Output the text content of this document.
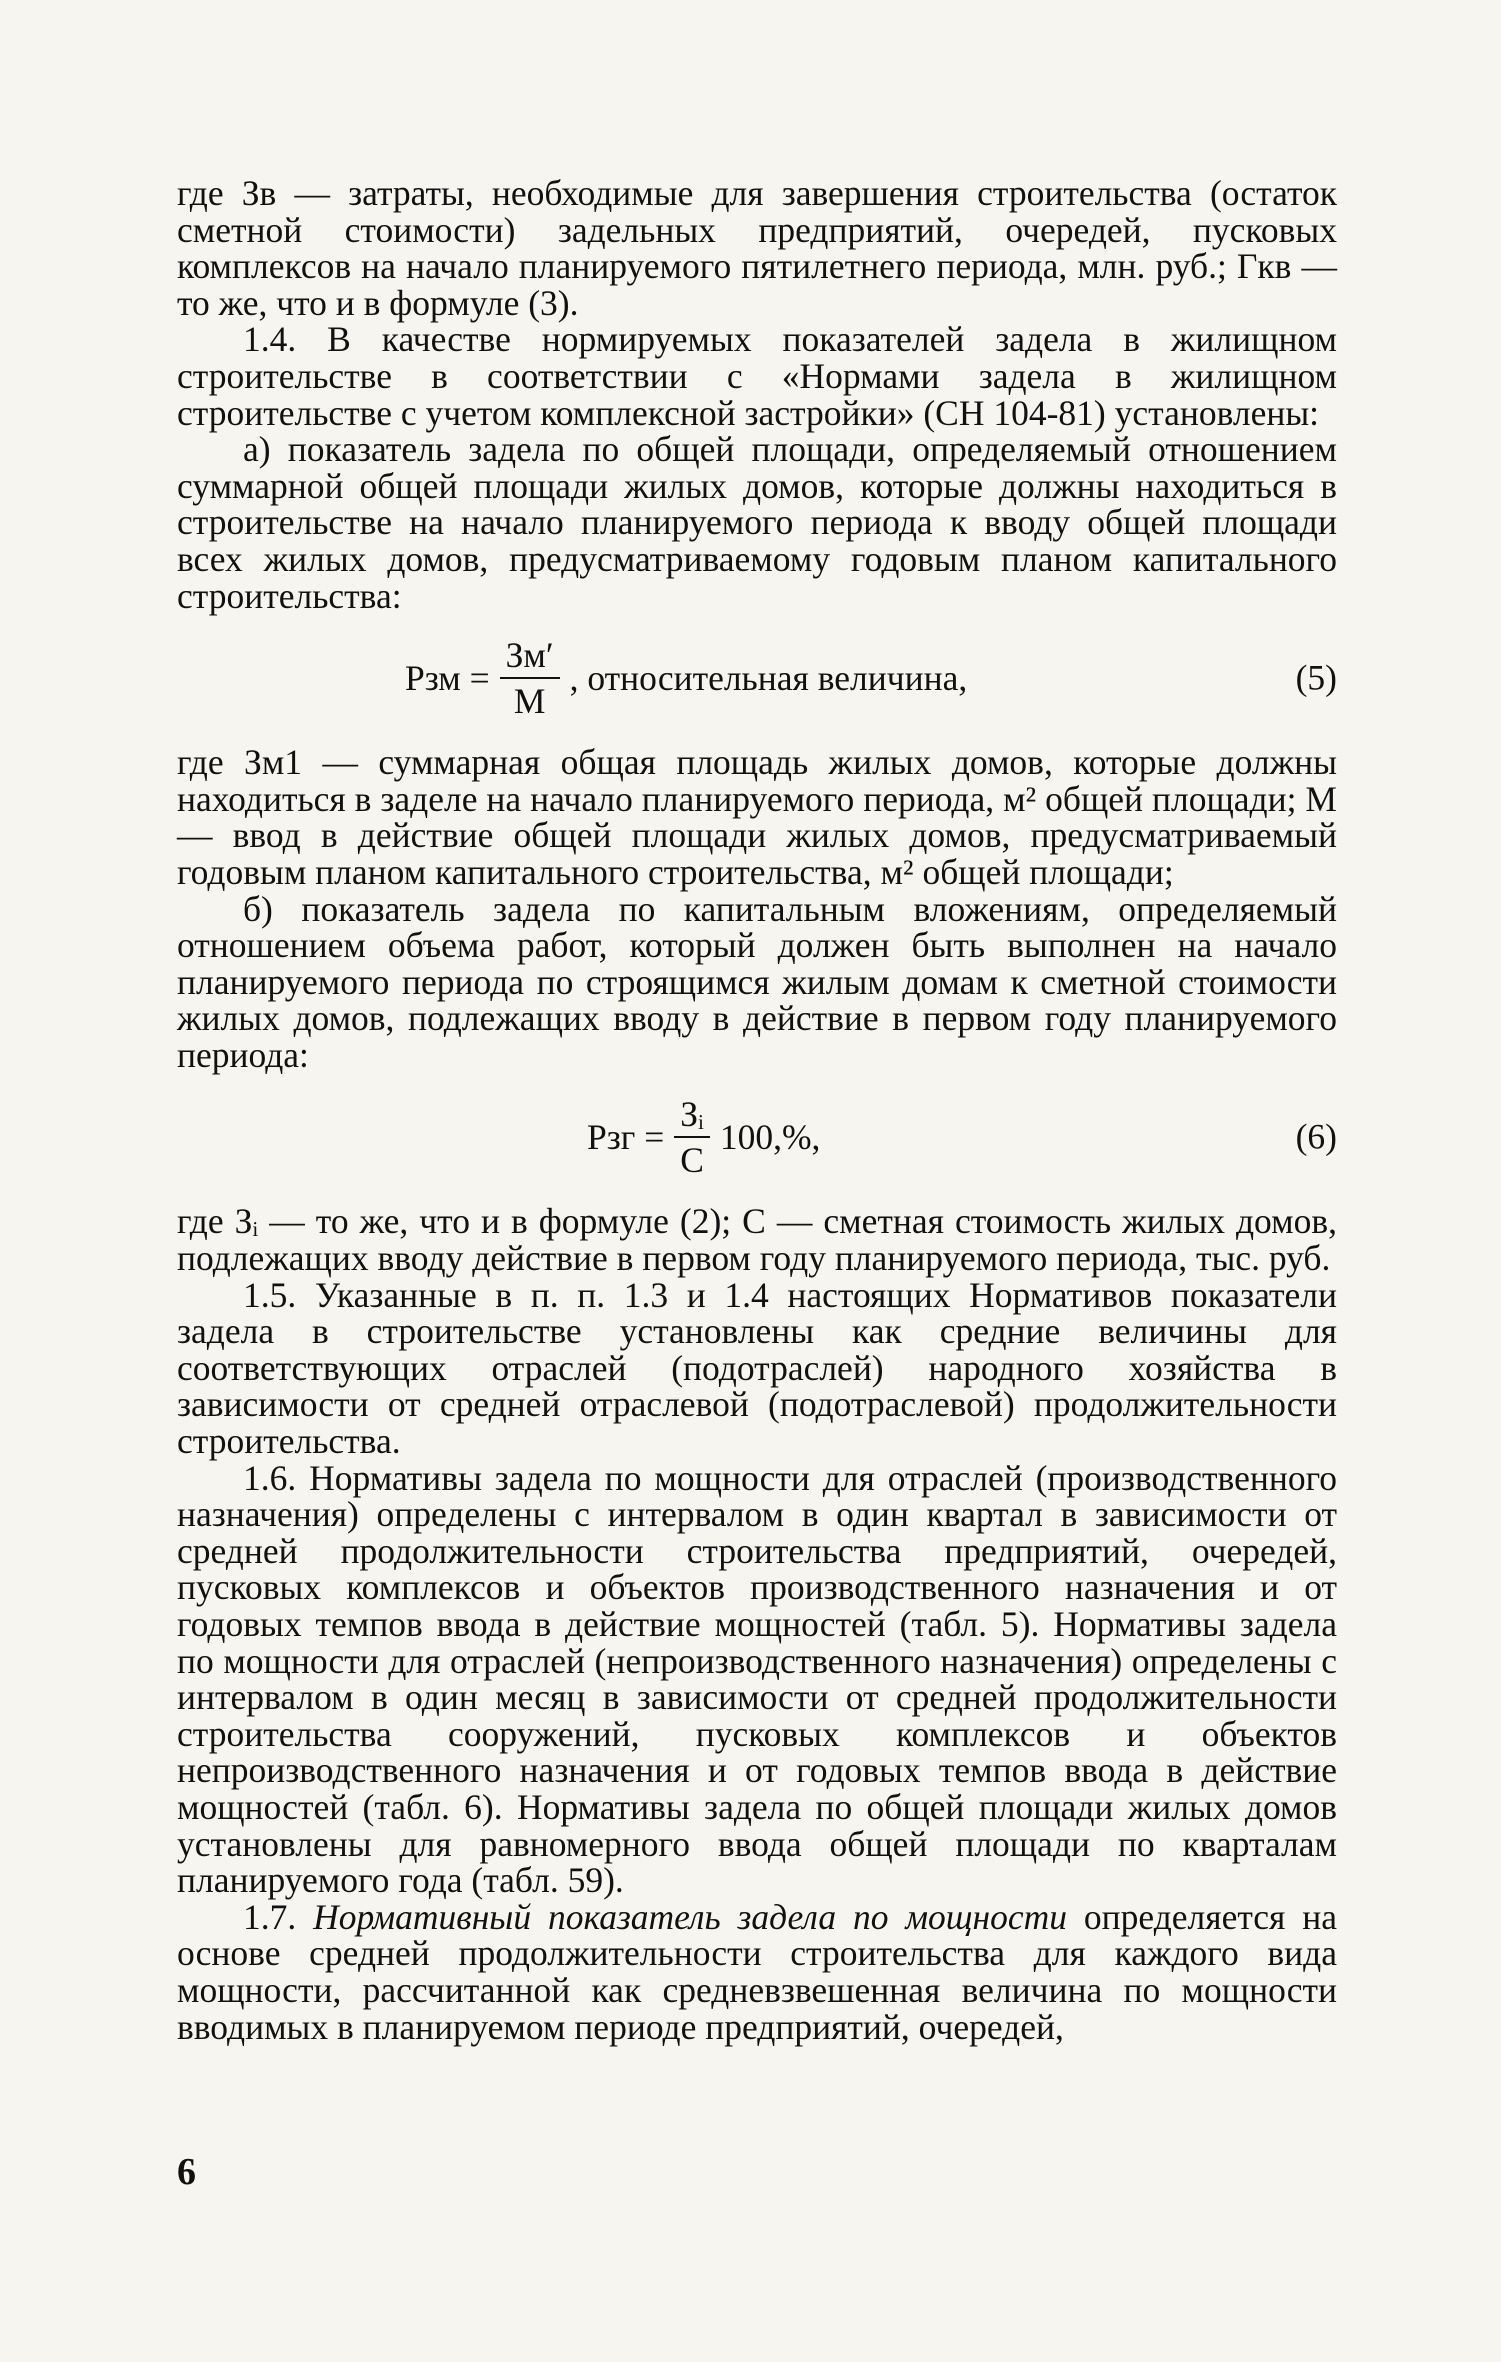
где Зв — затраты, необходимые для завершения строительства (остаток сметной стоимости) задельных предприятий, очередей, пусковых комплексов на начало планируемого пятилетнего периода, млн. руб.; Гкв — то же, что и в формуле (3).

1.4. В качестве нормируемых показателей задела в жилищном строительстве в соответствии с «Нормами задела в жилищном строительстве с учетом комплексной застройки» (СН 104-81) установлены:

а) показатель задела по общей площади, определяемый отношением суммарной общей площади жилых домов, которые должны находиться в строительстве на начало планируемого периода к вводу общей площади всех жилых домов, предусматриваемому годовым планом капитального строительства:

Pзм = $\frac{Зм'}{М}$ , относительная величина,	(5)

где Зм1 — суммарная общая площадь жилых домов, которые должны находиться в заделе на начало планируемого периода, м² общей площади; М — ввод в действие общей площади жилых домов, предусматриваемый годовым планом капитального строительства, м² общей площади;

б) показатель задела по капитальным вложениям, определяемый отношением объема работ, который должен быть выполнен на начало планируемого периода по строящимся жилым домам к сметной стоимости жилых домов, подлежащих вводу в действие в первом году планируемого периода:

Pзг = $\frac{\text{Зᵢ}}{С} 100,\%$,	(6)

где Зᵢ — то же, что и в формуле (2); С — сметная стоимость жилых домов, подлежащих вводу действие в первом году планируемого периода, тыс. руб.

1.5. Указанные в п. п. 1.3 и 1.4 настоящих Нормативов показатели задела в строительстве установлены как средние величины для соответствующих отраслей (подотраслей) народного хозяйства в зависимости от средней отраслевой (подотраслевой) продолжительности строительства.

1.6. Нормативы задела по мощности для отраслей (производственного назначения) определены с интервалом в один квартал в зависимости от средней продолжительности строительства предприятий, очередей, пусковых комплексов и объектов производственного назначения и от годовых темпов ввода в действие мощностей (табл. 5). Нормативы задела по мощности для отраслей (непроизводственного назначения) определены с интервалом в один месяц в зависимости от средней продолжительности строительства сооружений, пусковых комплексов и объектов непроизводственного назначения и от годовых темпов ввода в действие мощностей (табл. 6). Нормативы задела по общей площади жилых домов установлены для равномерного ввода общей площади по кварталам планируемого года (табл. 59).

1.7. Нормативный показатель задела по мощности определяется на основе средней продолжительности строительства для каждого вида мощности, рассчитанной как средневзвешенная величина по мощности вводимых в планируемом периоде предприятий, очередей,

6
